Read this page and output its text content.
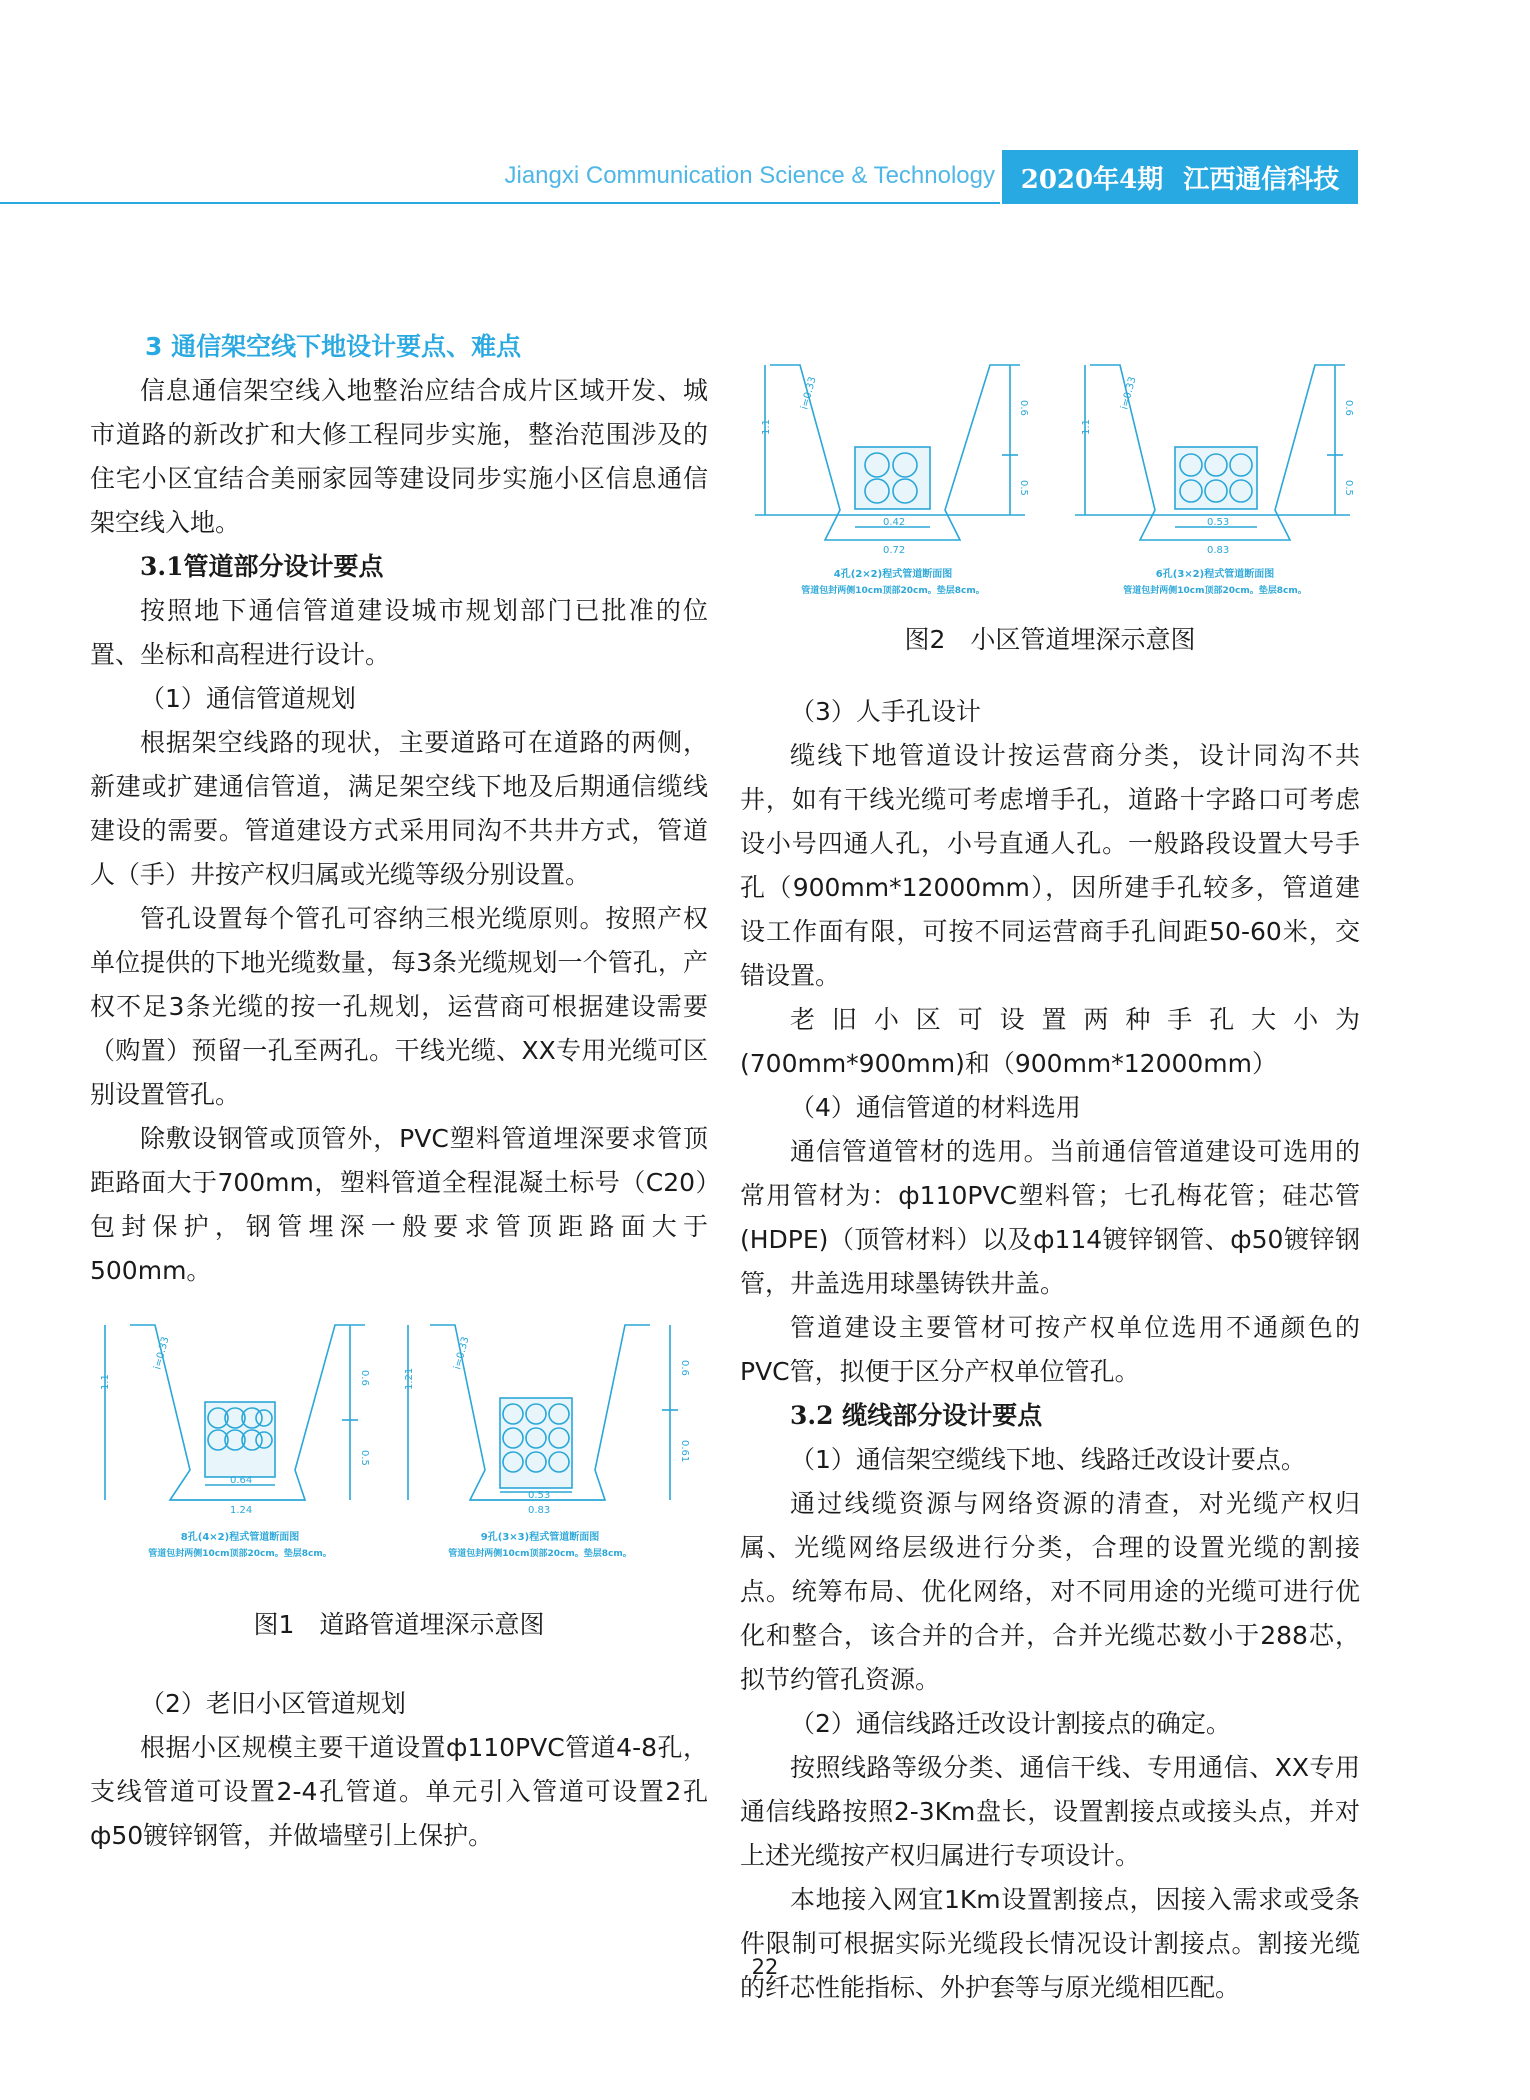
Jiangxi Communication Science & Technology 2020年4期 江西通信科技

3 通信架空线下地设计要点、难点

信息通信架空线入地整治应结合成片区域开发、城市道路的新改扩和大修工程同步实施，整治范围涉及的住宅小区宜结合美丽家园等建设同步实施小区信息通信架空线入地。

3.1管道部分设计要点

按照地下通信管道建设城市规划部门已批准的位置、坐标和高程进行设计。

（1）通信管道规划

根据架空线路的现状，主要道路可在道路的两侧，新建或扩建通信管道，满足架空线下地及后期通信缆线建设的需要。管道建设方式采用同沟不共井方式，管道人（手）井按产权归属或光缆等级分别设置。

管孔设置每个管孔可容纳三根光缆原则。按照产权单位提供的下地光缆数量，每3条光缆规划一个管孔，产权不足3条光缆的按一孔规划，运营商可根据建设需要（购置）预留一孔至两孔。干线光缆、XX专用光缆可区别设置管孔。

除敷设钢管或顶管外，PVC塑料管道埋深要求管顶距路面大于700mm，塑料管道全程混凝土标号（C20）包封保护，钢管埋深一般要求管顶距路面大于500mm。

1.1	0.6
0.5
i=0.33
0.64
1.24
8孔(4×2)程式管道断面图
管道包封两侧10cm顶部20cm。垫层8cm。
1.21	0.6
0.61
i=0.33
0.53
0.83
9孔(3×3)程式管道断面图
管道包封两侧10cm顶部20cm。垫层8cm。
图1　道路管道埋深示意图

（2）老旧小区管道规划

根据小区规模主要干道设置ф110PVC管道4-8孔，支线管道可设置2-4孔管道。单元引入管道可设置2孔ф50镀锌钢管，并做墙壁引上保护。

1.1
0.6
0.5
i=0.33
0.42
0.72
4孔(2×2)程式管道断面图
管道包封两侧10cm顶部20cm。垫层8cm。
1.1
0.6
0.5
i=0.33
0.53
0.83
6孔(3×2)程式管道断面图
管道包封两侧10cm顶部20cm。垫层8cm。
图2　小区管道埋深示意图

（3）人手孔设计

缆线下地管道设计按运营商分类，设计同沟不共井，如有干线光缆可考虑增手孔，道路十字路口可考虑设小号四通人孔，小号直通人孔。一般路段设置大号手孔（900mm*12000mm），因所建手孔较多，管道建设工作面有限，可按不同运营商手孔间距50-60米，交错设置。

老旧小区可设置两种手孔大小为(700mm*900mm)和（900mm*12000mm）

（4）通信管道的材料选用

通信管道管材的选用。当前通信管道建设可选用的常用管材为：ф110PVC塑料管；七孔梅花管；硅芯管(HDPE)（顶管材料）以及ф114镀锌钢管、ф50镀锌钢管，井盖选用球墨铸铁井盖。

管道建设主要管材可按产权单位选用不通颜色的PVC管，拟便于区分产权单位管孔。

3.2 缆线部分设计要点

（1）通信架空缆线下地、线路迁改设计要点。

通过线缆资源与网络资源的清查，对光缆产权归属、光缆网络层级进行分类，合理的设置光缆的割接点。统筹布局、优化网络，对不同用途的光缆可进行优化和整合，该合并的合并，合并光缆芯数小于288芯，拟节约管孔资源。

（2）通信线路迁改设计割接点的确定。

按照线路等级分类、通信干线、专用通信、XX专用通信线路按照2-3Km盘长，设置割接点或接头点，并对上述光缆按产权归属进行专项设计。

本地接入网宜1Km设置割接点，因接入需求或受条件限制可根据实际光缆段长情况设计割接点。割接光缆的纤芯性能指标、外护套等与原光缆相匹配。

22
